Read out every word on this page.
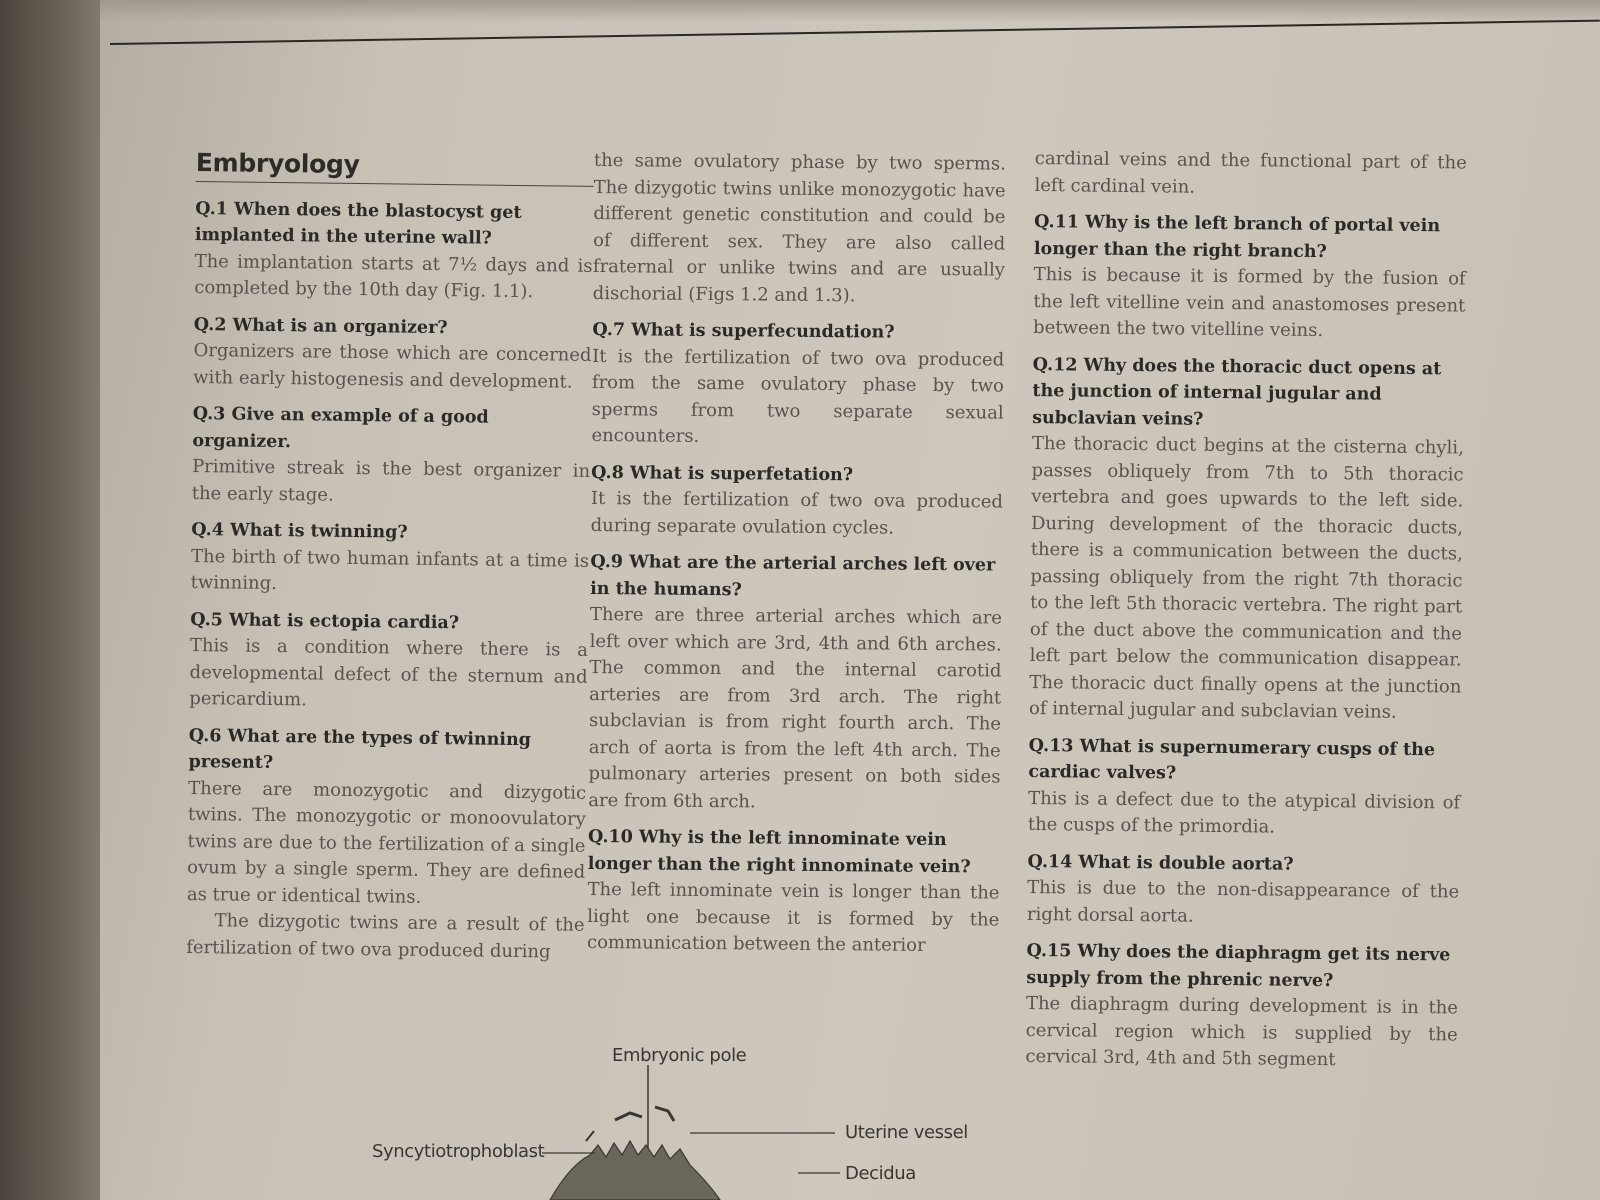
Embryology
Q.1 When does the blastocyst get implanted in the uterine wall?
The implantation starts at 7½ days and is completed by the 10th day (Fig. 1.1).
Q.2 What is an organizer?
Organizers are those which are concerned with early histogenesis and development.
Q.3 Give an example of a good organizer.
Primitive streak is the best organizer in the early stage.
Q.4 What is twinning?
The birth of two human infants at a time is twinning.
Q.5 What is ectopia cardia?
This is a condition where there is a developmental defect of the sternum and pericardium.
Q.6 What are the types of twinning present?
There are monozygotic and dizygotic twins. The monozygotic or monoovulatory twins are due to the fertilization of a single ovum by a single sperm. They are defined as true or identical twins.
The dizygotic twins are a result of the fertilization of two ova produced during
the same ovulatory phase by two sperms. The dizygotic twins unlike monozygotic have different genetic constitution and could be of different sex. They are also called fraternal or unlike twins and are usually dischorial (Figs 1.2 and 1.3).
Q.7 What is superfecundation?
It is the fertilization of two ova produced from the same ovulatory phase by two sperms from two separate sexual encounters.
Q.8 What is superfetation?
It is the fertilization of two ova produced during separate ovulation cycles.
Q.9 What are the arterial arches left over in the humans?
There are three arterial arches which are left over which are 3rd, 4th and 6th arches. The common and the internal carotid arteries are from 3rd arch. The right subclavian is from right fourth arch. The arch of aorta is from the left 4th arch. The pulmonary arteries present on both sides are from 6th arch.
Q.10 Why is the left innominate vein longer than the right innominate vein?
The left innominate vein is longer than the light one because it is formed by the communication between the anterior
cardinal veins and the functional part of the left cardinal vein.
Q.11 Why is the left branch of portal vein longer than the right branch?
This is because it is formed by the fusion of the left vitelline vein and anastomoses present between the two vitelline veins.
Q.12 Why does the thoracic duct opens at the junction of internal jugular and subclavian veins?
The thoracic duct begins at the cisterna chyli, passes obliquely from 7th to 5th thoracic vertebra and goes upwards to the left side. During development of the thoracic ducts, there is a communication between the ducts, passing obliquely from the right 7th thoracic to the left 5th thoracic vertebra. The right part of the duct above the communication and the left part below the communication disappear. The thoracic duct finally opens at the junction of internal jugular and subclavian veins.
Q.13 What is supernumerary cusps of the cardiac valves?
This is a defect due to the atypical division of the cusps of the primordia.
Q.14 What is double aorta?
This is due to the non-disappearance of the right dorsal aorta.
Q.15 Why does the diaphragm get its nerve supply from the phrenic nerve?
The diaphragm during development is in the cervical region which is supplied by the cervical 3rd, 4th and 5th segment
Embryonic pole
Syncytiotrophoblast
Uterine vessel
Decidua
